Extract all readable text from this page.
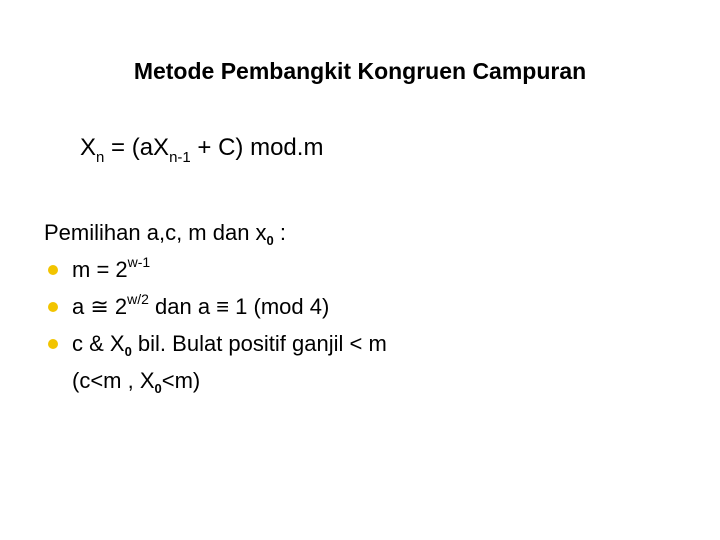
Metode Pembangkit Kongruen Campuran
$X_n = (aX_{n-1} + C)$ mod.m
Pemilihan a,c, m dan $x_0$ :
$m = 2^{w-1}$
a ≅ $2^{w/2}$ dan a ≡ 1 (mod 4)
c & $X_0$ bil. Bulat positif ganjil < m
(c<m , $X_0<m$)
